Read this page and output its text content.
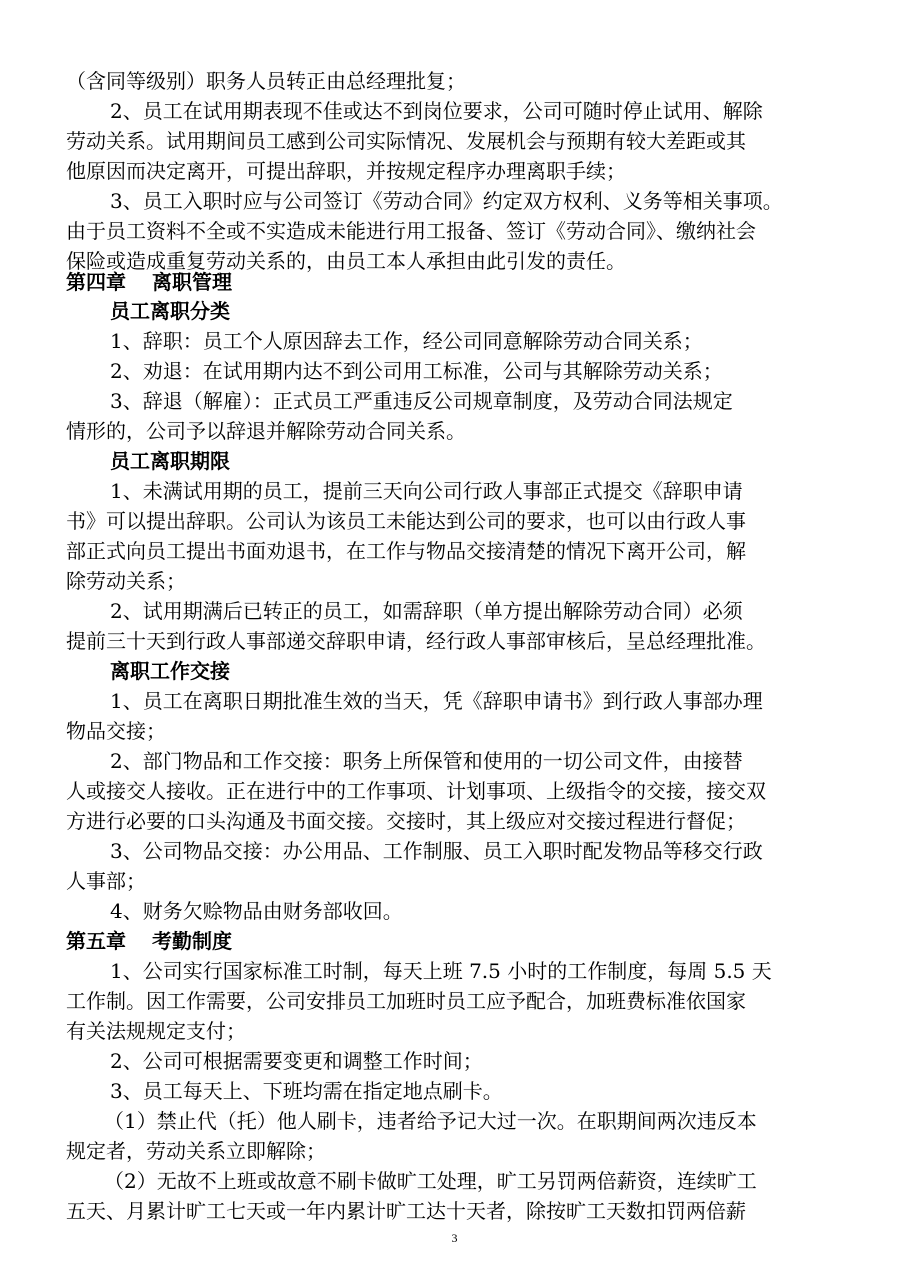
（含同等级别）职务人员转正由总经理批复；
2、员工在试用期表现不佳或达不到岗位要求，公司可随时停止试用、解除
劳动关系。试用期间员工感到公司实际情况、发展机会与预期有较大差距或其
他原因而决定离开，可提出辞职，并按规定程序办理离职手续；
3、员工入职时应与公司签订《劳动合同》约定双方权利、义务等相关事项。
由于员工资料不全或不实造成未能进行用工报备、签订《劳动合同》、缴纳社会
保险或造成重复劳动关系的，由员工本人承担由此引发的责任。
第四章 离职管理
员工离职分类
1、辞职：员工个人原因辞去工作，经公司同意解除劳动合同关系；
2、劝退：在试用期内达不到公司用工标准，公司与其解除劳动关系；
3、辞退（解雇）：正式员工严重违反公司规章制度，及劳动合同法规定
情形的，公司予以辞退并解除劳动合同关系。
员工离职期限
1、未满试用期的员工，提前三天向公司行政人事部正式提交《辞职申请
书》可以提出辞职。公司认为该员工未能达到公司的要求，也可以由行政人事
部正式向员工提出书面劝退书，在工作与物品交接清楚的情况下离开公司，解
除劳动关系；
2、试用期满后已转正的员工，如需辞职（单方提出解除劳动合同）必须
提前三十天到行政人事部递交辞职申请，经行政人事部审核后，呈总经理批准。
离职工作交接
1、员工在离职日期批准生效的当天，凭《辞职申请书》到行政人事部办理
物品交接；
2、部门物品和工作交接：职务上所保管和使用的一切公司文件，由接替
人或接交人接收。正在进行中的工作事项、计划事项、上级指令的交接，接交双
方进行必要的口头沟通及书面交接。交接时，其上级应对交接过程进行督促；
3、公司物品交接：办公用品、工作制服、员工入职时配发物品等移交行政
人事部；
4、财务欠赊物品由财务部收回。
第五章 考勤制度
1、公司实行国家标准工时制，每天上班 7.5 小时的工作制度，每周 5.5 天
工作制。因工作需要，公司安排员工加班时员工应予配合，加班费标准依国家
有关法规规定支付；
2、公司可根据需要变更和调整工作时间；
3、员工每天上、下班均需在指定地点刷卡。
（1）禁止代（托）他人刷卡，违者给予记大过一次。在职期间两次违反本
规定者，劳动关系立即解除；
（2）无故不上班或故意不刷卡做旷工处理，旷工另罚两倍薪资，连续旷工
五天、月累计旷工七天或一年内累计旷工达十天者，除按旷工天数扣罚两倍薪
3
